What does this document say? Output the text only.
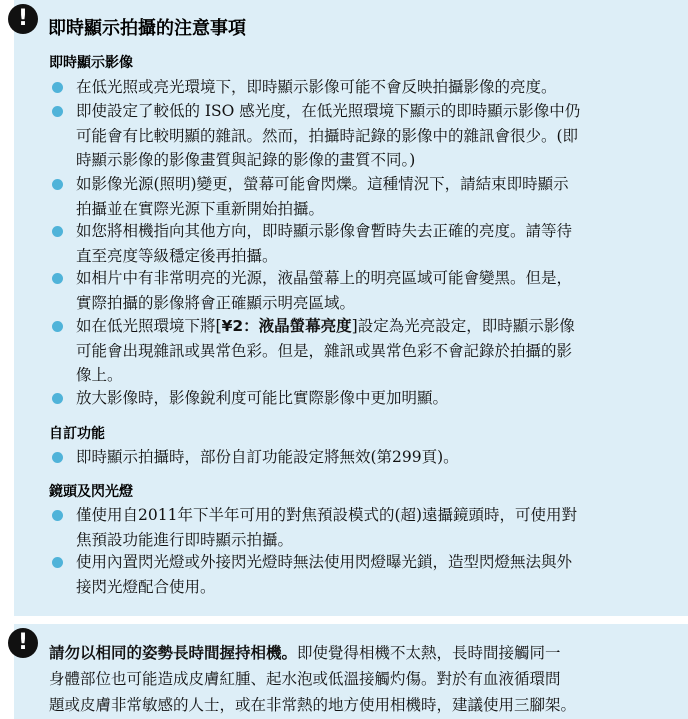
!	即時顯示拍攝的注意事項
即時顯示影像
在低光照或亮光環境下，即時顯示影像可能不會反映拍攝影像的亮度。
即使設定了較低的 ISO 感光度，在低光照環境下顯示的即時顯示影像中仍
可能會有比較明顯的雜訊。然而，拍攝時記錄的影像中的雜訊會很少。(即
時顯示影像的影像畫質與記錄的影像的畫質不同。)
如影像光源(照明)變更，螢幕可能會閃爍。這種情況下，請結束即時顯示
拍攝並在實際光源下重新開始拍攝。
如您將相機指向其他方向，即時顯示影像會暫時失去正確的亮度。請等待
直至亮度等級穩定後再拍攝。
如相片中有非常明亮的光源，液晶螢幕上的明亮區域可能會變黑。但是，
實際拍攝的影像將會正確顯示明亮區域。
如在低光照環境下將[¥2：液晶螢幕亮度]設定為光亮設定，即時顯示影像
可能會出現雜訊或異常色彩。但是，雜訊或異常色彩不會記錄於拍攝的影
像上。
放大影像時，影像銳利度可能比實際影像中更加明顯。
自訂功能
即時顯示拍攝時，部份自訂功能設定將無效(第299頁)。
鏡頭及閃光燈
僅使用自2011年下半年可用的對焦預設模式的(超)遠攝鏡頭時，可使用對
焦預設功能進行即時顯示拍攝。
使用內置閃光燈或外接閃光燈時無法使用閃燈曝光鎖，造型閃燈無法與外
接閃光燈配合使用。
!	請勿以相同的姿勢長時間握持相機。即使覺得相機不太熱，長時間接觸同一
身體部位也可能造成皮膚紅腫、起水泡或低溫接觸灼傷。對於有血液循環問
題或皮膚非常敏感的人士，或在非常熱的地方使用相機時，建議使用三腳架。
